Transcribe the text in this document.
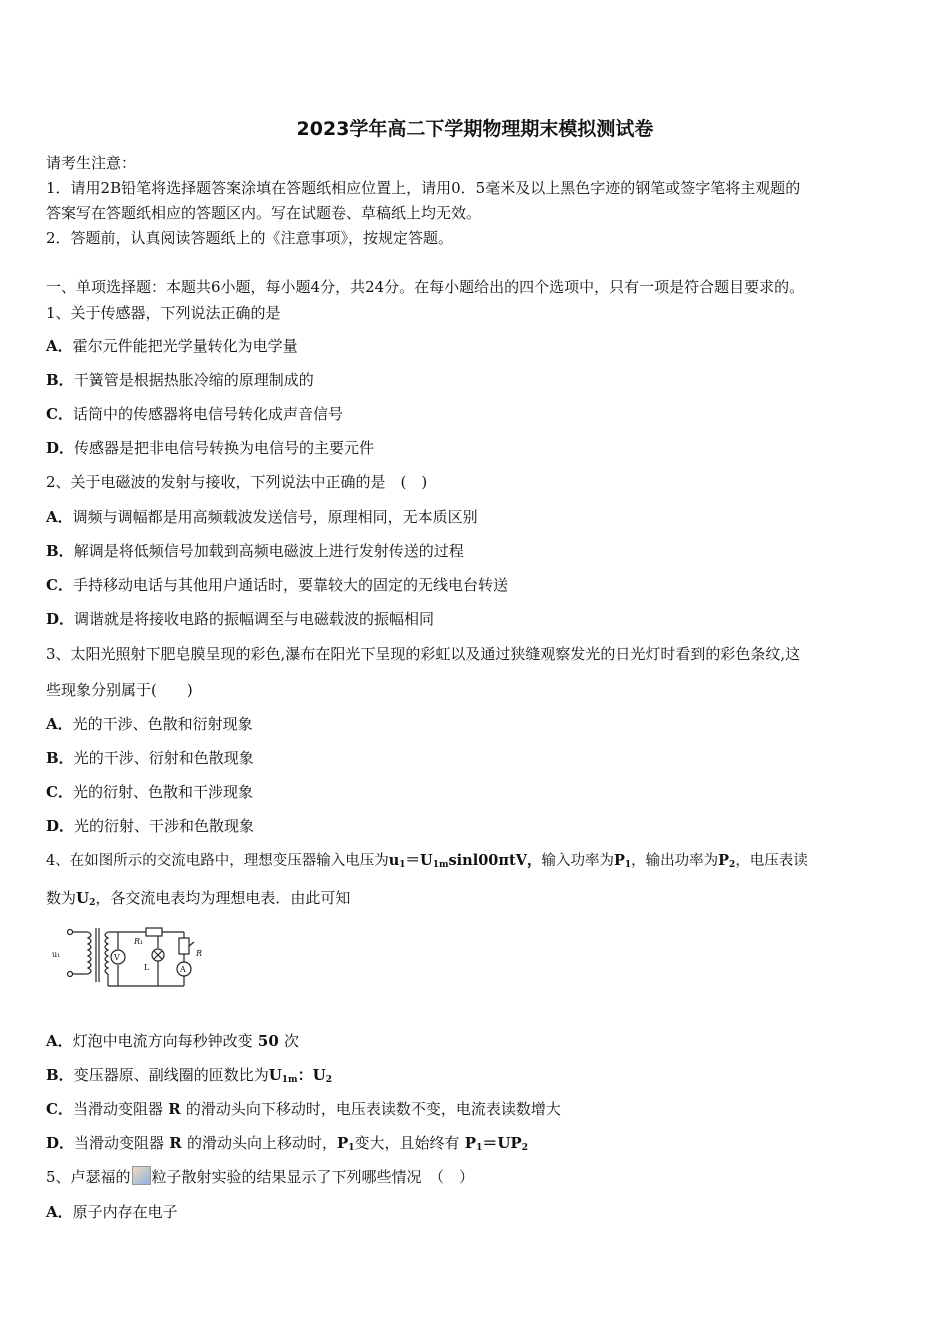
2023学年高二下学期物理期末模拟测试卷
请考生注意：
1．请用2B铅笔将选择题答案涂填在答题纸相应位置上，请用0．5毫米及以上黑色字迹的钢笔或签字笔将主观题的
答案写在答题纸相应的答题区内。写在试题卷、草稿纸上均无效。
2．答题前，认真阅读答题纸上的《注意事项》，按规定答题。
一、单项选择题：本题共6小题，每小题4分，共24分。在每小题给出的四个选项中，只有一项是符合题目要求的。
1、关于传感器，下列说法正确的是
A．霍尔元件能把光学量转化为电学量
B．干簧管是根据热胀冷缩的原理制成的
C．话筒中的传感器将电信号转化成声音信号
D．传感器是把非电信号转换为电信号的主要元件
2、关于电磁波的发射与接收，下列说法中正确的是　(　)
A．调频与调幅都是用高频载波发送信号，原理相同，无本质区别
B．解调是将低频信号加载到高频电磁波上进行发射传送的过程
C．手持移动电话与其他用户通话时，要靠较大的固定的无线电台转送
D．调谐就是将接收电路的振幅调至与电磁载波的振幅相同
3、太阳光照射下肥皂膜呈现的彩色,瀑布在阳光下呈现的彩虹以及通过狭缝观察发光的日光灯时看到的彩色条纹,这
些现象分别属于(　　)
A．光的干涉、色散和衍射现象
B．光的干涉、衍射和色散现象
C．光的衍射、色散和干涉现象
D．光的衍射、干涉和色散现象
4、在如图所示的交流电路中，理想变压器输入电压为$u_1=U_{1m}\sin l00\pi tV$，输入功率为$P_1$，输出功率为$P_2$，电压表读
数为$U_2$，各交流电表均为理想电表．由此可知
u₁
R₁
V
L	A
R
A．灯泡中电流方向每秒钟改变 50 次
B．变压器原、副线圈的匝数比为$U_{1m}$：$U_2$
C．当滑动变阻器 R 的滑动头向下移动时，电压表读数不变，电流表读数增大
D．当滑动变阻器 R 的滑动头向上移动时，$P_1$变大，且始终有 $P_1=UP_2$
5、卢瑟福的 粒子散射实验的结果显示了下列哪些情况　（　）
A．原子内存在电子
